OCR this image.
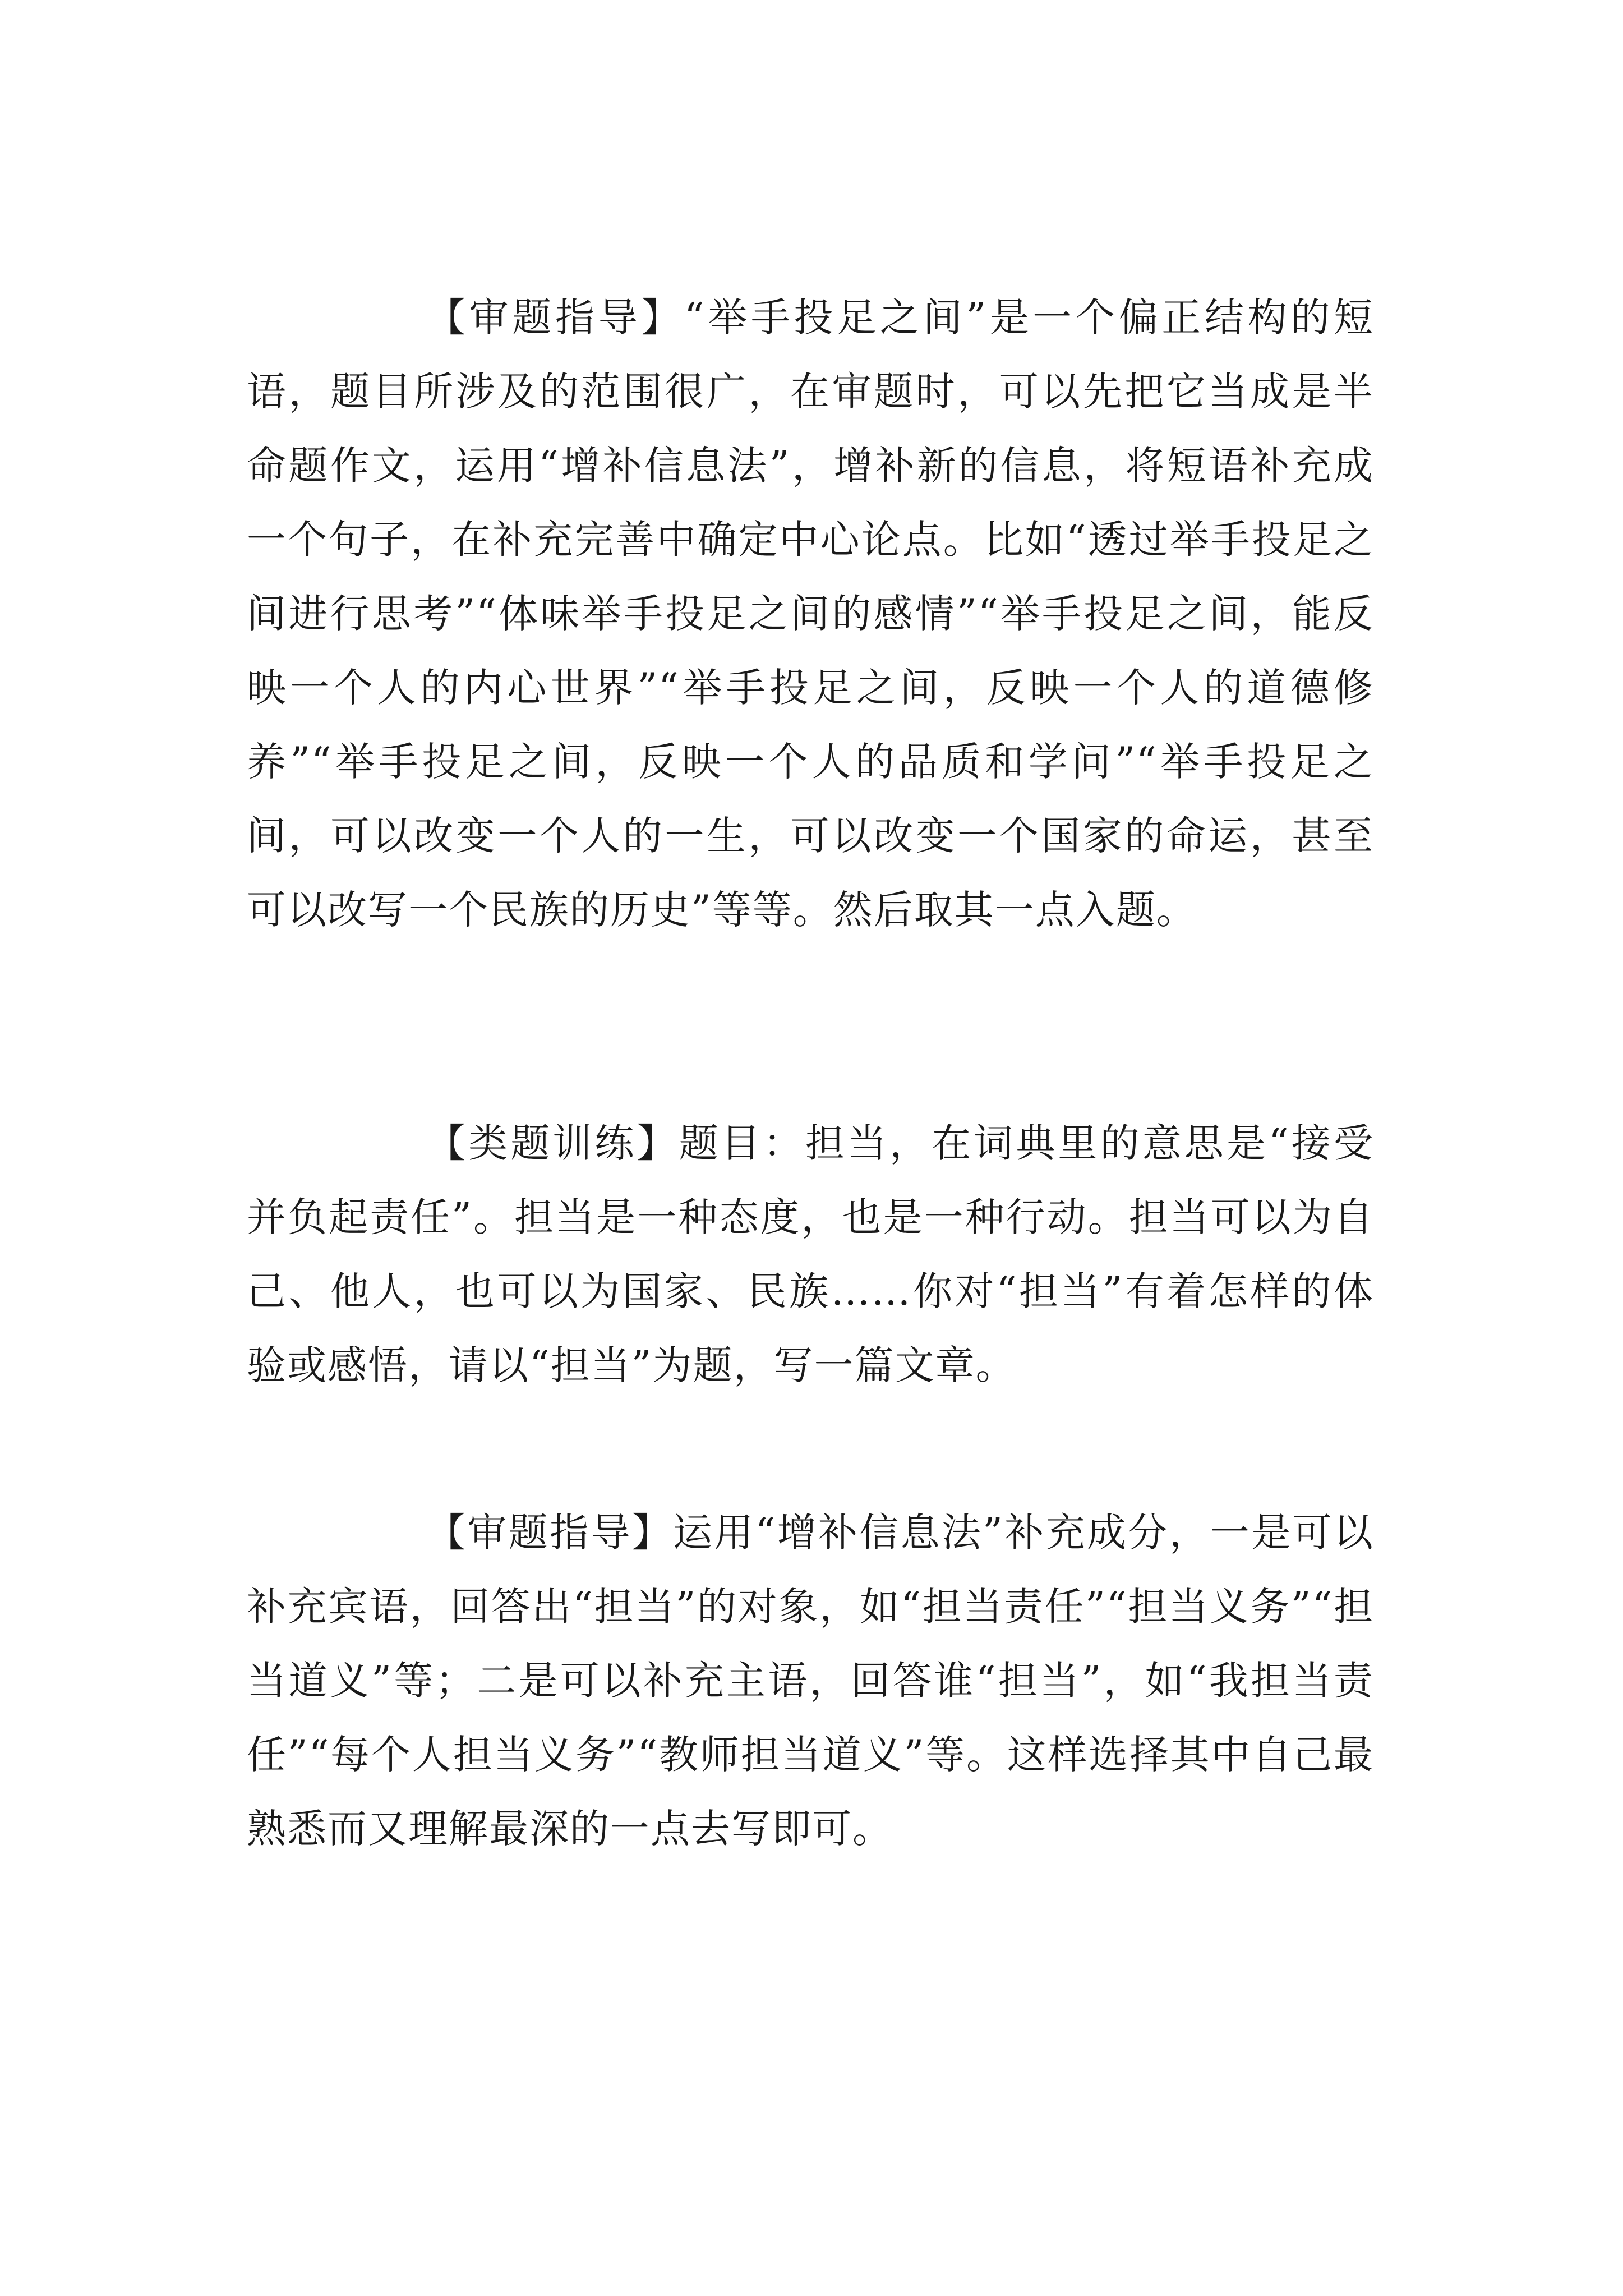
【审题指导】“举手投足之间”是一个偏正结构的短语，题目所涉及的范围很广，在审题时，可以先把它当成是半命题作文，运用“增补信息法”，增补新的信息，将短语补充成一个句子，在补充完善中确定中心论点。比如“透过举手投足之间进行思考”“体味举手投足之间的感情”“举手投足之间，能反映一个人的内心世界”“举手投足之间，反映一个人的道德修养”“举手投足之间，反映一个人的品质和学问”“举手投足之间，可以改变一个人的一生，可以改变一个国家的命运，甚至可以改写一个民族的历史”等等。然后取其一点入题。

【类题训练】题目：担当，在词典里的意思是“接受并负起责任”。担当是一种态度，也是一种行动。担当可以为自己、他人，也可以为国家、民族……你对“担当”有着怎样的体验或感悟，请以“担当”为题，写一篇文章。

【审题指导】运用“增补信息法”补充成分，一是可以补充宾语，回答出“担当”的对象，如“担当责任”“担当义务”“担当道义”等；二是可以补充主语，回答谁“担当”，如“我担当责任”“每个人担当义务”“教师担当道义”等。这样选择其中自己最熟悉而又理解最深的一点去写即可。
